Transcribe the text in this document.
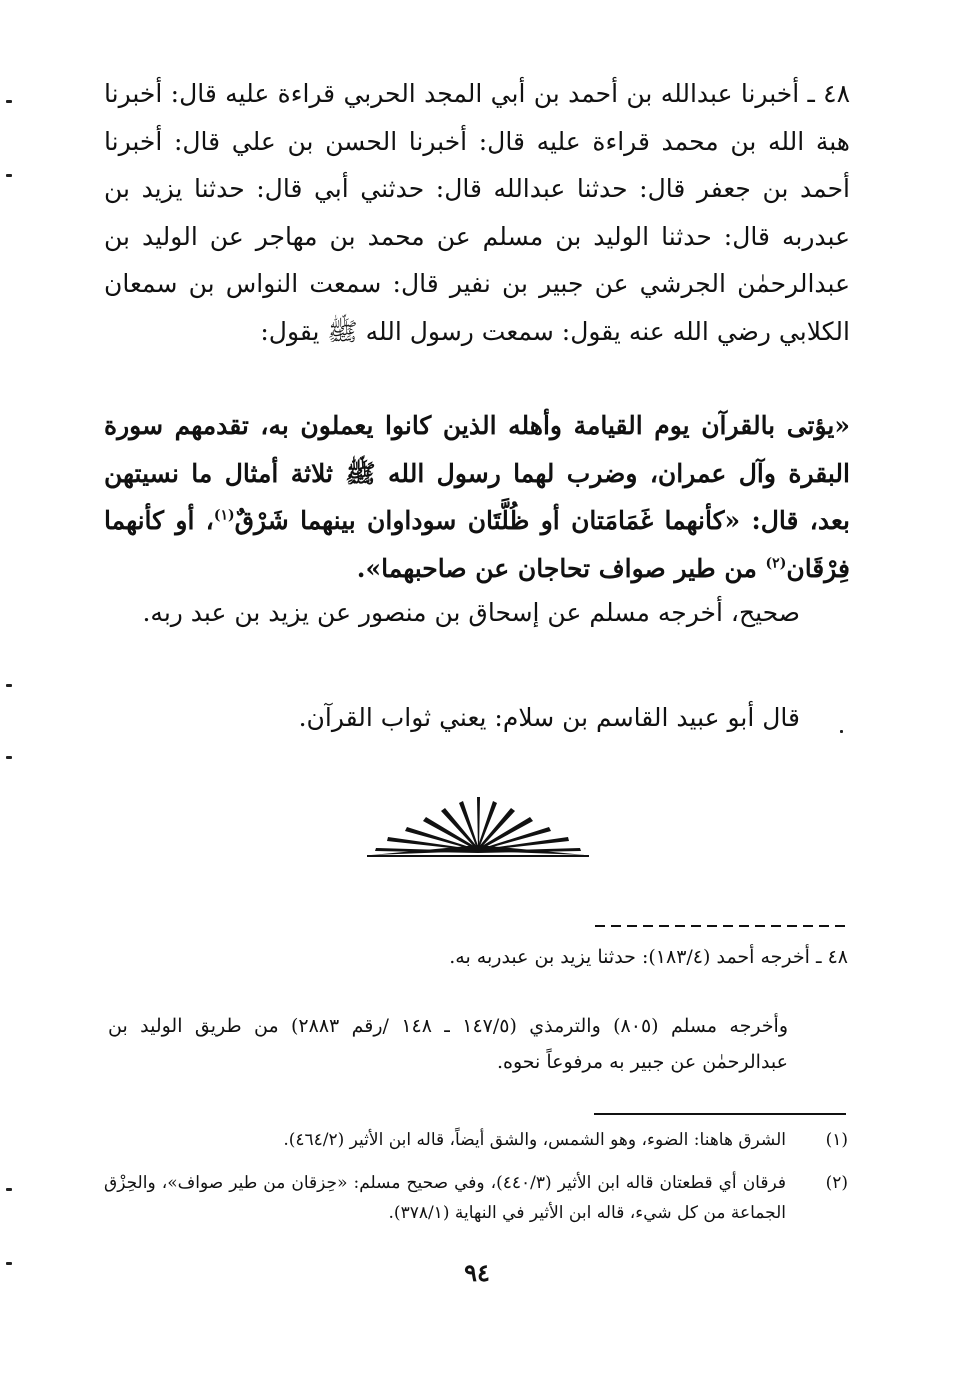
٤٨ ـ أخبرنا عبدالله بن أحمد بن أبي المجد الحربي قراءة عليه قال: أخبرنا هبة الله بن محمد قراءة عليه قال: أخبرنا الحسن بن علي قال: أخبرنا أحمد بن جعفر قال: حدثنا عبدالله قال: حدثني أبي قال: حدثنا يزيد بن عبدربه قال: حدثنا الوليد بن مسلم عن محمد بن مهاجر عن الوليد بن عبدالرحمٰن الجرشي عن جبير بن نفير قال: سمعت النواس بن سمعان الكلابي رضي الله عنه يقول: سمعت رسول الله ﷺ يقول:

«يؤتى بالقرآن يوم القيامة وأهله الذين كانوا يعملون به، تقدمهم سورة البقرة وآل عمران، وضرب لهما رسول الله ﷺ ثلاثة أمثال ما نسيتهن بعد، قال: «كأنهما غَمَامَتان أو ظُلَّتَان سوداوان بينهما شَرْقٌ$^{(١)}$، أو كأنهما فِرْقَان$^{(٢)}$ من طير صواف تحاجان عن صاحبهما».

صحيح، أخرجه مسلم عن إسحاق بن منصور عن يزيد بن عبد ربه.

قال أبو عبيد القاسم بن سلام: يعني ثواب القرآن.

٤٨ ـ أخرجه أحمد (١٨٣/٤): حدثنا يزيد بن عبدربه به.

وأخرجه مسلم (٨٠٥) والترمذي (١٤٧/٥ ـ ١٤٨ /رقم ٢٨٨٣) من طريق الوليد بن عبدالرحمٰن عن جبير به مرفوعاً نحوه.

(١)
الشرق هاهنا: الضوء، وهو الشمس، والشق أيضاً، قاله ابن الأثير (٤٦٤/٢).
(٢)
فرقان أي قطعتان قاله ابن الأثير (٤٤٠/٣)، وفي صحيح مسلم: «حِزقان من طير صواف»، والحِزْق الجماعة من كل شيء، قاله ابن الأثير في النهاية (٣٧٨/١).
٩٤
